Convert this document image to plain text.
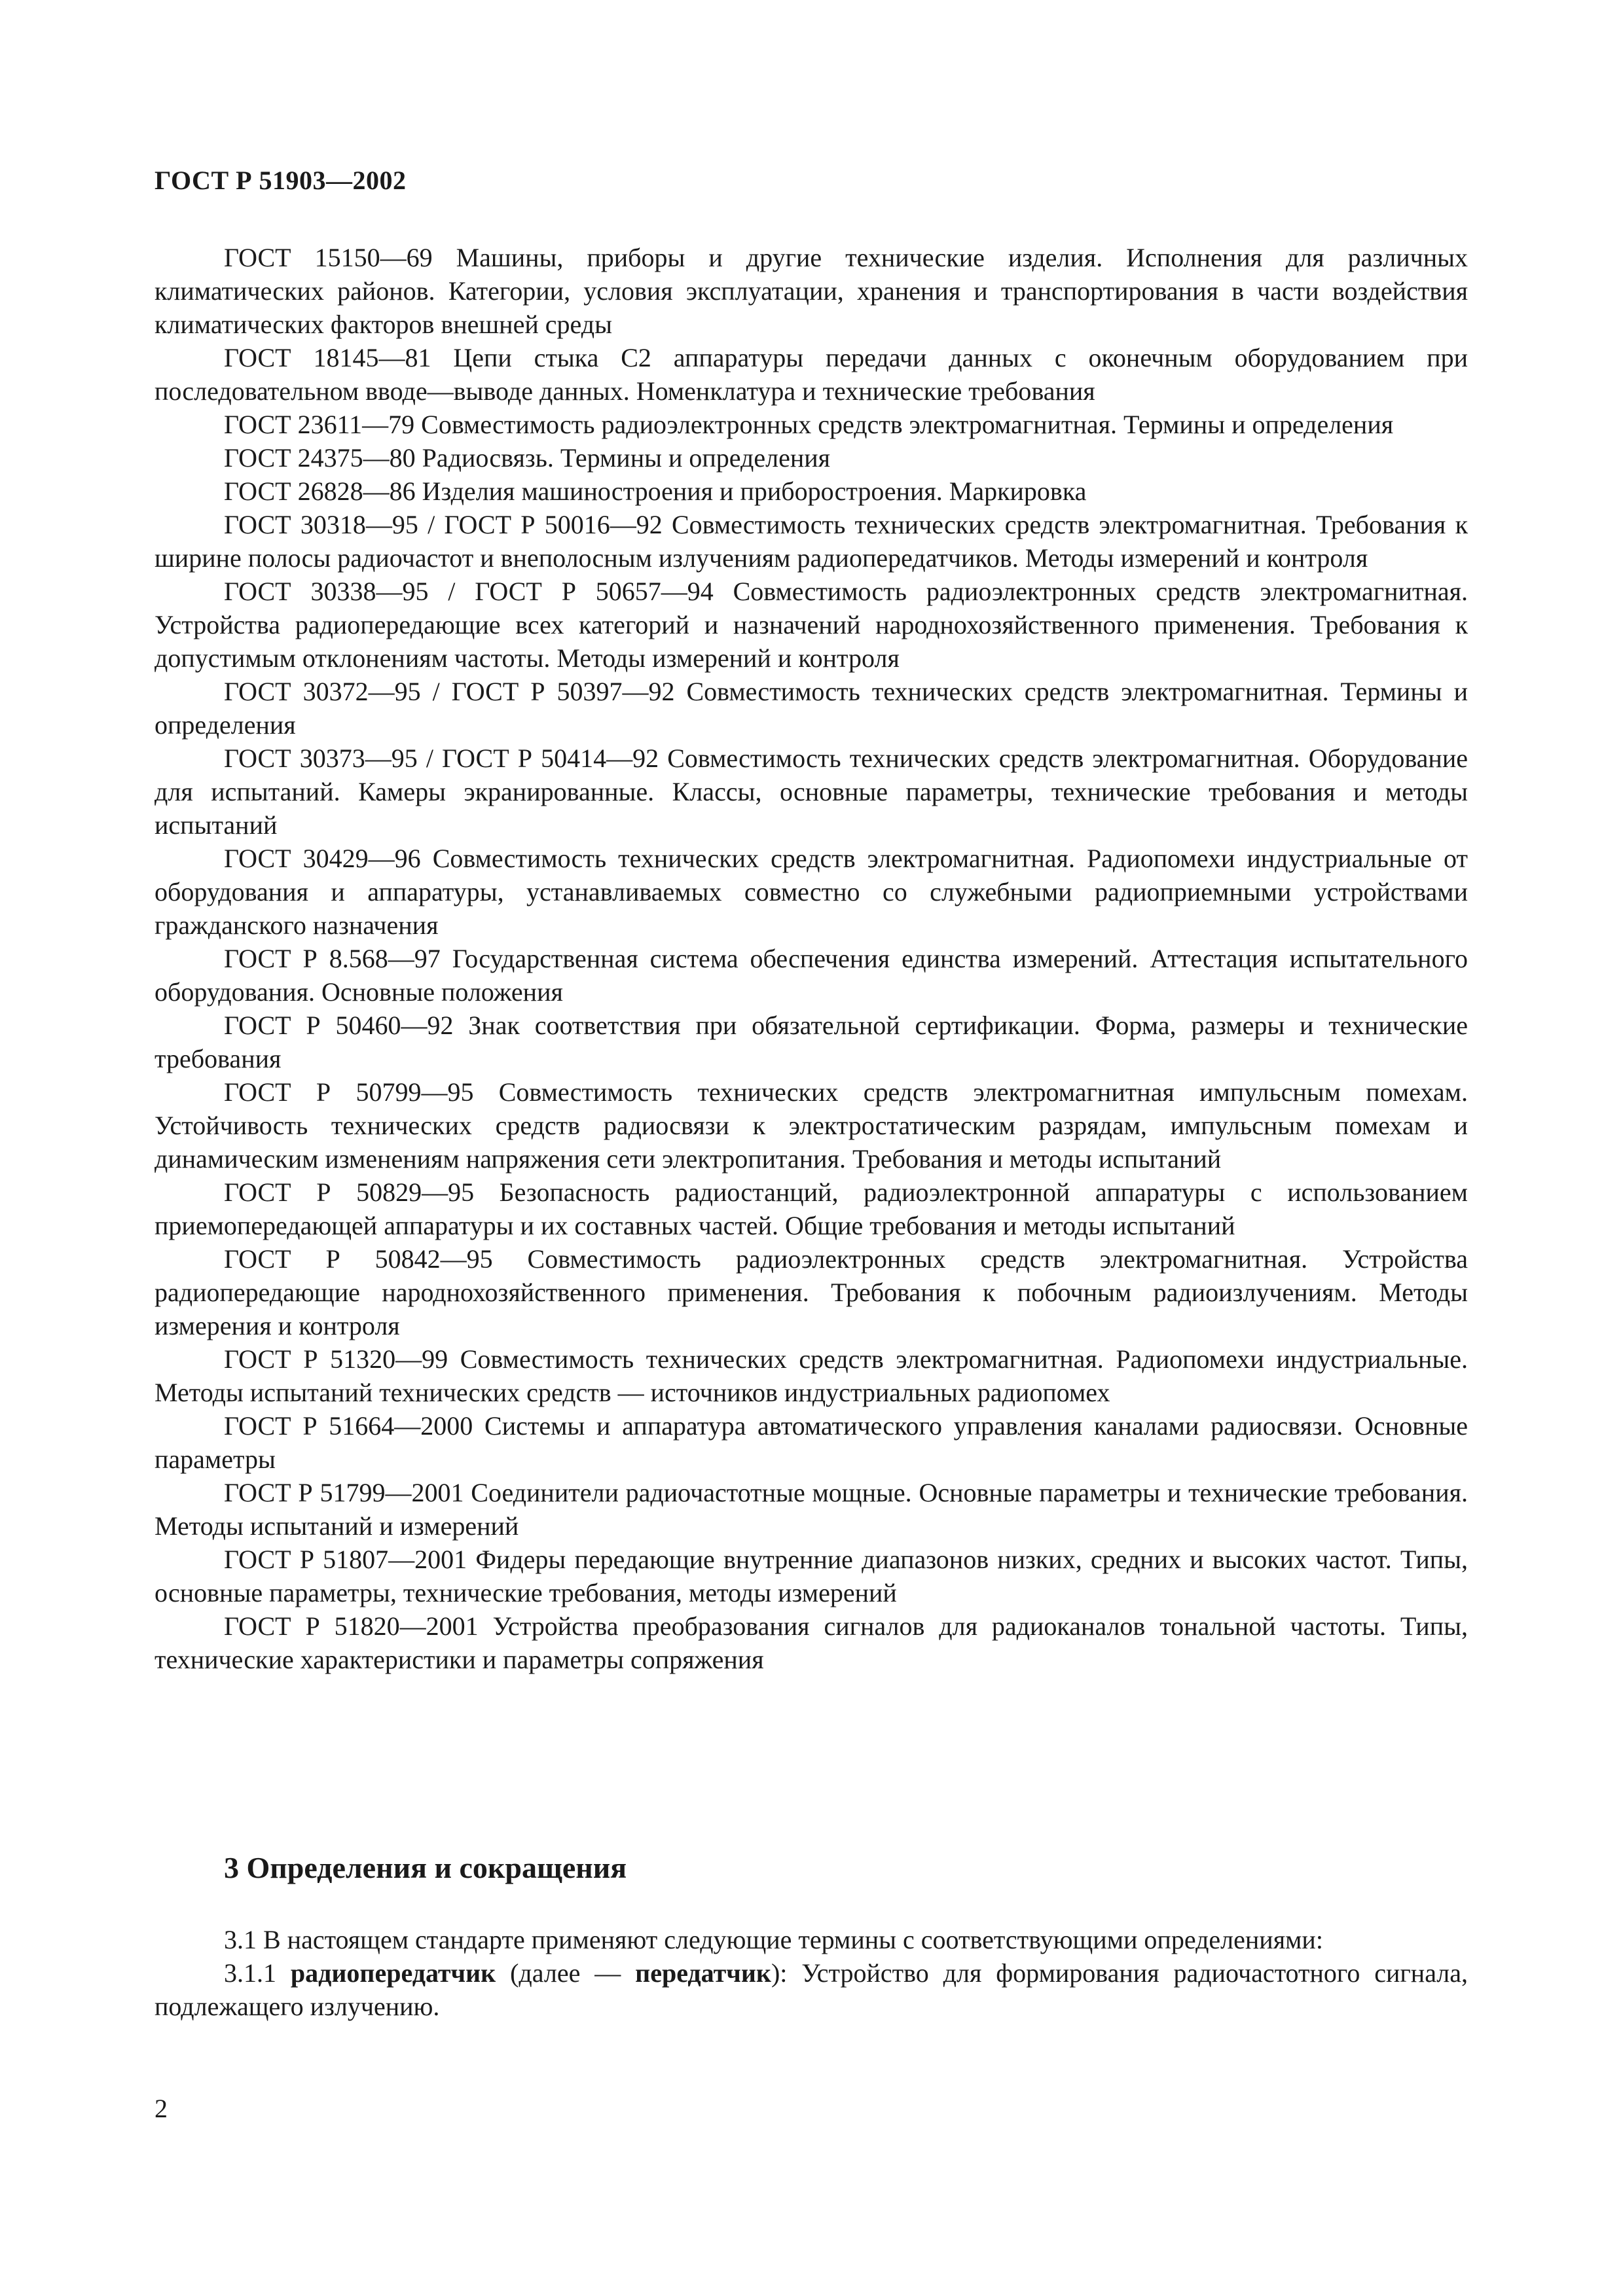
ГОСТ Р 51903—2002

ГОСТ 15150—69 Машины, приборы и другие технические изделия. Исполнения для различных климатических районов. Категории, условия эксплуатации, хранения и транспортирования в части воздействия климатических факторов внешней среды

ГОСТ 18145—81 Цепи стыка С2 аппаратуры передачи данных с оконечным оборудованием при последовательном вводе—выводе данных. Номенклатура и технические требования

ГОСТ 23611—79 Совместимость радиоэлектронных средств электромагнитная. Термины и определения

ГОСТ 24375—80 Радиосвязь. Термины и определения

ГОСТ 26828—86 Изделия машиностроения и приборостроения. Маркировка

ГОСТ 30318—95 / ГОСТ Р 50016—92 Совместимость технических средств электромагнитная. Требования к ширине полосы радиочастот и внеполосным излучениям радиопередатчиков. Методы измерений и контроля

ГОСТ 30338—95 / ГОСТ Р 50657—94 Совместимость радиоэлектронных средств электромагнитная. Устройства радиопередающие всех категорий и назначений народнохозяйственного применения. Требования к допустимым отклонениям частоты. Методы измерений и контроля

ГОСТ 30372—95 / ГОСТ Р 50397—92 Совместимость технических средств электромагнитная. Термины и определения

ГОСТ 30373—95 / ГОСТ Р 50414—92 Совместимость технических средств электромагнитная. Оборудование для испытаний. Камеры экранированные. Классы, основные параметры, технические требования и методы испытаний

ГОСТ 30429—96 Совместимость технических средств электромагнитная. Радиопомехи индустриальные от оборудования и аппаратуры, устанавливаемых совместно со служебными радиоприемными устройствами гражданского назначения

ГОСТ Р 8.568—97 Государственная система обеспечения единства измерений. Аттестация испытательного оборудования. Основные положения

ГОСТ Р 50460—92 Знак соответствия при обязательной сертификации. Форма, размеры и технические требования

ГОСТ Р 50799—95 Совместимость технических средств электромагнитная импульсным помехам. Устойчивость технических средств радиосвязи к электростатическим разрядам, импульсным помехам и динамическим изменениям напряжения сети электропитания. Требования и методы испытаний

ГОСТ Р 50829—95 Безопасность радиостанций, радиоэлектронной аппаратуры с использованием приемопередающей аппаратуры и их составных частей. Общие требования и методы испытаний

ГОСТ Р 50842—95 Совместимость радиоэлектронных средств электромагнитная. Устройства радиопередающие народнохозяйственного применения. Требования к побочным радиоизлучениям. Методы измерения и контроля

ГОСТ Р 51320—99 Совместимость технических средств электромагнитная. Радиопомехи индустриальные. Методы испытаний технических средств — источников индустриальных радиопомех

ГОСТ Р 51664—2000 Системы и аппаратура автоматического управления каналами радиосвязи. Основные параметры

ГОСТ Р 51799—2001 Соединители радиочастотные мощные. Основные параметры и технические требования. Методы испытаний и измерений

ГОСТ Р 51807—2001 Фидеры передающие внутренние диапазонов низких, средних и высоких частот. Типы, основные параметры, технические требования, методы измерений

ГОСТ Р 51820—2001 Устройства преобразования сигналов для радиоканалов тональной частоты. Типы, технические характеристики и параметры сопряжения

3 Определения и сокращения

3.1 В настоящем стандарте применяют следующие термины с соответствующими определениями:

3.1.1 радиопередатчик (далее — передатчик): Устройство для формирования радиочастотного сигнала, подлежащего излучению.

2
